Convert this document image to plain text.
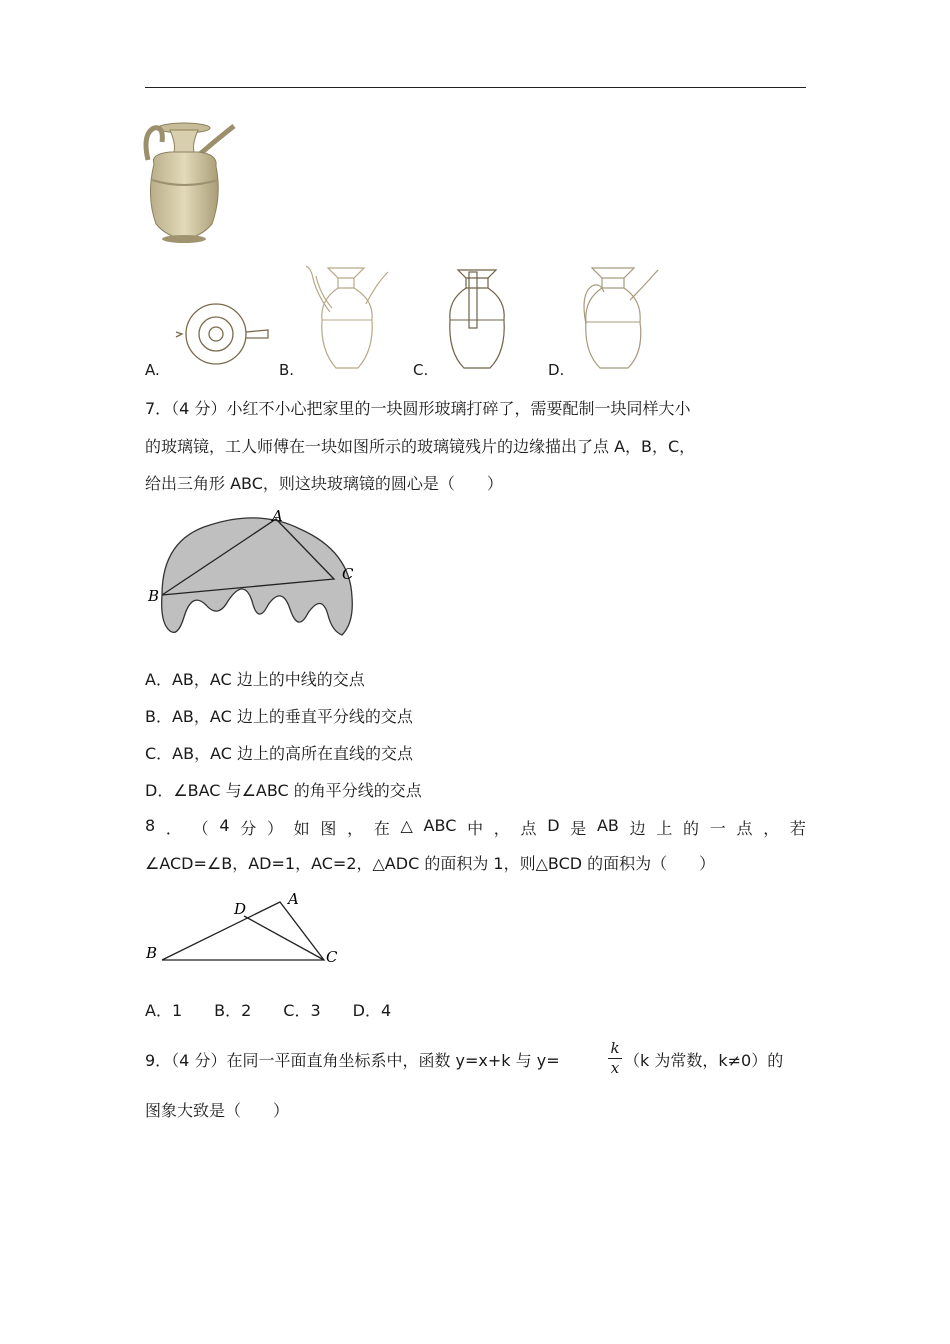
A.	B.	C.	D.
7．（4 分）小红不小心把家里的一块圆形玻璃打碎了，需要配制一块同样大小
的玻璃镜，工人师傅在一块如图所示的玻璃镜残片的边缘描出了点 A，B，C，
给出三角形 ABC，则这块玻璃镜的圆心是（　　）
A
B
C
A．AB，AC 边上的中线的交点
B．AB，AC 边上的垂直平分线的交点
C．AB，AC 边上的高所在直线的交点
D．∠BAC 与∠ABC 的角平分线的交点
8 ． （ 4 分 ） 如 图 ， 在 △ ABC 中 ， 点 D 是 AB 边 上 的 一 点 ， 若
∠ACD=∠B，AD=1，AC=2，△ADC 的面积为 1，则△BCD 的面积为（　　）
A
B	C
D
A．1　　B．2　　C．3　　D．4
9．（4 分）在同一平面直角坐标系中，函数 y=x+k 与 y=
k
x （k 为常数，k≠0）的
图象大致是（　　）
